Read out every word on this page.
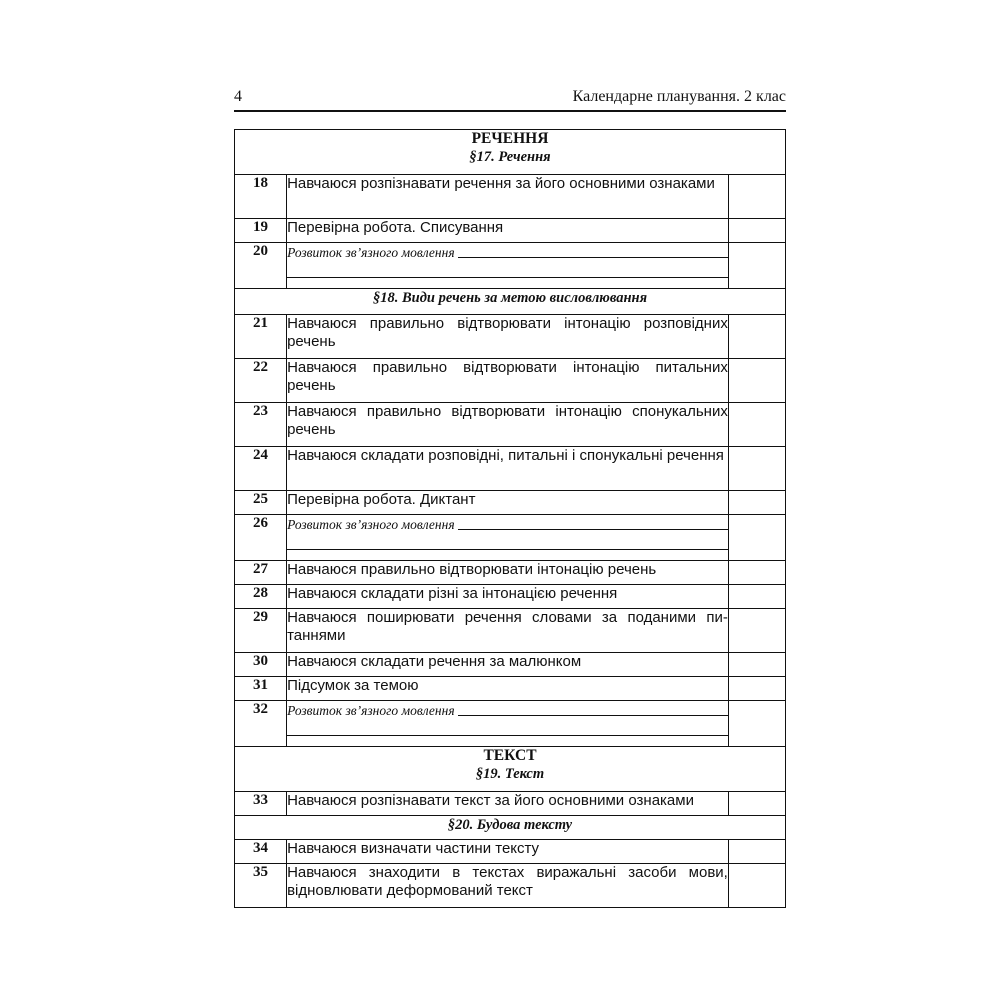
4	Календарне планування. 2 клас
РЕЧЕННЯ
§17. Речення		

18	Навчаюся розпізнавати речення за його основними ознаками	
19	Перевірна робота. Списування	
20	Розвиток зв’язного мовлення	

§18. Види речень за метою висловлювання		

21	Навчаюся правильно відтворювати інтонацію розповідних речень	
22	Навчаюся правильно відтворювати інтонацію питальних речень	
23	Навчаюся правильно відтворювати інтонацію спонукальних речень	
24	Навчаюся складати розповідні, питальні і спонукальні речення	
25	Перевірна робота. Диктант	
26	Розвиток зв’язного мовлення	

27	Навчаюся правильно відтворювати інтонацію речень	
28	Навчаюся складати різні за інтонацією речення	
29	Навчаюся поширювати речення словами за поданими питаннями	
30	Навчаюся складати речення за малюнком	
31	Підсумок за темою	
32	Розвиток зв’язного мовлення	

ТЕКСТ
§19. Текст		

33	Навчаюся розпізнавати текст за його основними ознаками	

§20. Будова тексту		

34	Навчаюся визначати частини тексту	
35	Навчаюся знаходити в текстах виражальні засоби мови, відновлювати деформований текст	
